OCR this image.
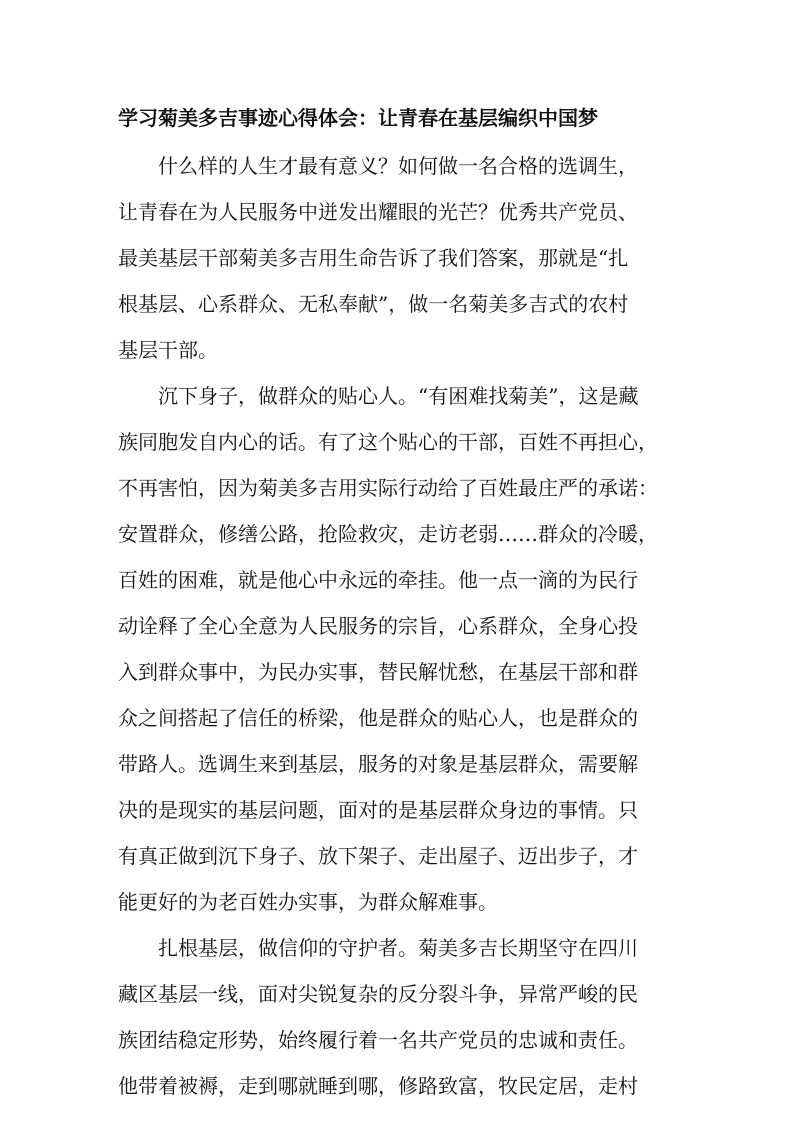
学习菊美多吉事迹心得体会：让青春在基层编织中国梦
什么样的人生才最有意义？如何做一名合格的选调生，
让青春在为人民服务中迸发出耀眼的光芒？优秀共产党员、
最美基层干部菊美多吉用生命告诉了我们答案，那就是“扎
根基层、心系群众、无私奉献”，做一名菊美多吉式的农村
基层干部。
沉下身子，做群众的贴心人。“有困难找菊美”，这是藏
族同胞发自内心的话。有了这个贴心的干部，百姓不再担心，
不再害怕，因为菊美多吉用实际行动给了百姓最庄严的承诺：
安置群众，修缮公路，抢险救灾，走访老弱……群众的冷暖，
百姓的困难，就是他心中永远的牵挂。他一点一滴的为民行
动诠释了全心全意为人民服务的宗旨，心系群众，全身心投
入到群众事中，为民办实事，替民解忧愁，在基层干部和群
众之间搭起了信任的桥梁，他是群众的贴心人，也是群众的
带路人。选调生来到基层，服务的对象是基层群众，需要解
决的是现实的基层问题，面对的是基层群众身边的事情。只
有真正做到沉下身子、放下架子、走出屋子、迈出步子，才
能更好的为老百姓办实事，为群众解难事。
扎根基层，做信仰的守护者。菊美多吉长期坚守在四川
藏区基层一线，面对尖锐复杂的反分裂斗争，异常严峻的民
族团结稳定形势，始终履行着一名共产党员的忠诚和责任。
他带着被褥，走到哪就睡到哪，修路致富，牧民定居，走村
